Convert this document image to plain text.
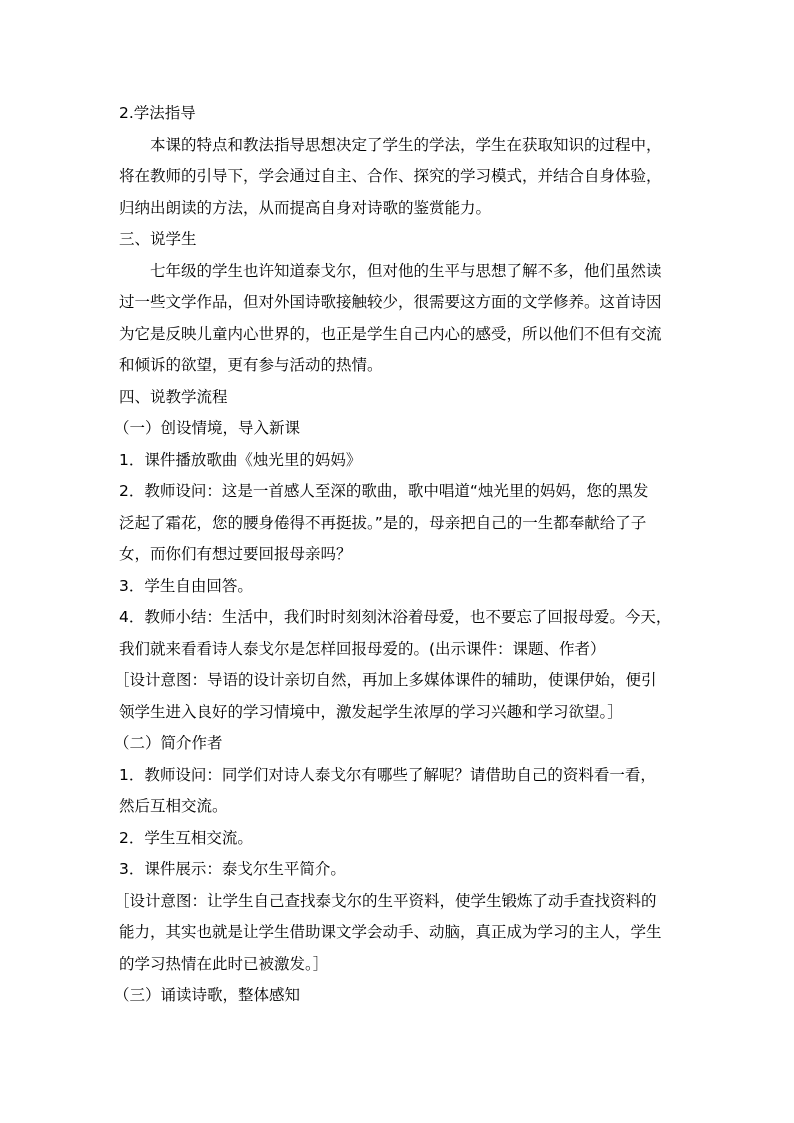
2.学法指导
本课的特点和教法指导思想决定了学生的学法，学生在获取知识的过程中，
将在教师的引导下，学会通过自主、合作、探究的学习模式，并结合自身体验，
归纳出朗读的方法，从而提高自身对诗歌的鉴赏能力。
三、说学生
七年级的学生也许知道泰戈尔，但对他的生平与思想了解不多，他们虽然读
过一些文学作品，但对外国诗歌接触较少，很需要这方面的文学修养。这首诗因
为它是反映儿童内心世界的，也正是学生自己内心的感受，所以他们不但有交流
和倾诉的欲望，更有参与活动的热情。
四、说教学流程
（一）创设情境，导入新课
1．课件播放歌曲《烛光里的妈妈》
2．教师设问：这是一首感人至深的歌曲，歌中唱道“烛光里的妈妈，您的黑发
泛起了霜花，您的腰身倦得不再挺拔。”是的，母亲把自己的一生都奉献给了子
女，而你们有想过要回报母亲吗？
3．学生自由回答。
4．教师小结：生活中，我们时时刻刻沐浴着母爱，也不要忘了回报母爱。今天，
我们就来看看诗人泰戈尔是怎样回报母爱的。(出示课件：课题、作者）
［设计意图：导语的设计亲切自然，再加上多媒体课件的辅助，使课伊始，便引
领学生进入良好的学习情境中，激发起学生浓厚的学习兴趣和学习欲望。］
（二）简介作者
1．教师设问：同学们对诗人泰戈尔有哪些了解呢？请借助自己的资料看一看，
然后互相交流。
2．学生互相交流。
3．课件展示：泰戈尔生平简介。
［设计意图：让学生自己查找泰戈尔的生平资料，使学生锻炼了动手查找资料的
能力，其实也就是让学生借助课文学会动手、动脑，真正成为学习的主人，学生
的学习热情在此时已被激发。］
（三）诵读诗歌，整体感知
